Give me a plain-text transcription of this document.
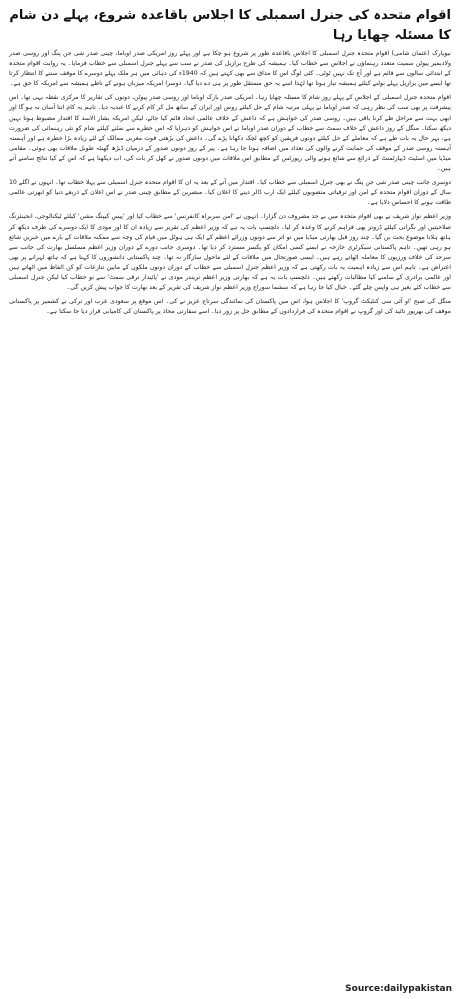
اقوام متحدہ کی جنرل اسمبلی کا اجلاس باقاعدہ شروع، پہلے دن شام کا مسئلہ چھایا رہا

نیویارک (عثمان شامی) اقوام متحدہ جنرل اسمبلی کا اجلاس باقاعدہ طور پر شروع ہو چکا ہے اور پہلے روز امریکی صدر اوباما، چینی صدر شی جن پنگ اور روسی صدر ولادیمیر پیوٹن سمیت متعدد رہنماؤں نے اجلاس سے خطاب کیا۔ ہمیشہ کی طرح برازیل کی صدر نے سب سے پہلے جنرل اسمبلی سے خطاب فرمایا۔ یہ روایت اقوام متحدہ کے ابتدائی سالوں سے قائم ہے اور آج تک نہیں ٹوٹی۔ کئی لوگ اس کا مذاق سے بھی کہتے ہیں کہ 1940ء کی دہائی میں ہر ملک پہلے دوسرے کا موقف سننے کا انتظار کرتا تھا ایسے میں برازیل پہلے بولنے کیلئے ہمیشہ تیار ہوتا تھا لہٰذا اسے یہ حق مستقل طور پر ہی دے دیا گیا۔ دوسرا امریکہ میزبان ہونے کے ناطے ہمیشہ سے امریکہ کا حق ہے۔

اقوام متحدہ جنرل اسمبلی کے اجلاس کے پہلے روز شام کا مسئلہ چھایا رہا۔ امریکی صدر بارک اوباما اور روسی صدر پیوٹن، دونوں کی تقاریر کا مرکزی نقطہ یہی تھا۔ اس پیشرفت پر بھی سب کی نظر رہی کہ صدر اوباما نے پہلی مرتبہ شام کے حل کیلئے روس اور ایران کے ساتھ مل کر کام کرنے کا عندیہ دیا۔ تاہم یہ کام اتنا آسان نہ ہو گا اور ابھی بہت سے مراحل طے کرنا باقی ہیں۔ روسی صدر کی خواہش ہے کہ داعش کے خلاف عالمی اتحاد قائم کیا جائے، لیکن امریکہ بشار الاسد کا اقتدار مضبوط ہوتا نہیں دیکھ سکتا۔ منگل کے روز داعش کے خلاف سمٹ سے خطاب کے دوران صدر اوباما نے اس خواہش کو دہرایا کہ اس خطرے سے نمٹنے کیلئے شام کو نئی رہنمائی کی ضرورت ہے، بہر حال یہ بات طے ہے کہ معاملے کے حل کیلئے دونوں فریقین کو کچھ لچک دکھانا پڑے گی۔ داعش کی بڑھتی قوت مغربی ممالک کے لئے زیادہ بڑا خطرہ ہے اور آہستہ آہستہ روسی صدر کے موقف کی حمایت کرنے والوں کی تعداد میں اضافہ ہوتا جا رہا ہے۔ پیر کے روز دونوں صدور کے درمیان ڈیڑھ گھنٹہ طویل ملاقات بھی ہوئی۔ مقامی میڈیا میں اسٹیٹ ڈیپارٹمنٹ کے ذرائع سے شائع ہونے والی رپورٹس کے مطابق اس ملاقات میں دونوں صدور نے کھل کر بات کی، اب دیکھنا ہے کہ اس کے کیا نتائج سامنے آتے ہیں۔

دوسری جانب چینی صدر شی جن پنگ نے بھی جنرل اسمبلی سے خطاب کیا۔ اقتدار میں آنے کے بعد یہ ان کا اقوام متحدہ جنرل اسمبلی سے پہلا خطاب تھا۔ انہوں نے اگلے 10 سال کے دوران اقوام متحدہ کے امن اور ترقیاتی منصوبوں کیلئے ایک ارب ڈالر دینے کا اعلان کیا۔ مبصرین کے مطابق چینی صدر نے اس اعلان کے ذریعے دنیا کو ابھرتی عالمی طاقت ہونے کا احساس دلایا ہے۔

وزیر اعظم نواز شریف نے بھی اقوام متحدہ میں بے حد مصروف دن گزارا۔ انہوں نے 'امن سربراہ کانفرنس' سے خطاب کیا اور 'پیس کیپنگ مشن' کیلئے ٹیکنالوجی، انجینئرنگ صلاحیتیں اور نگرانی کیلئے ڈرونز بھی فراہم کرنے کا وعدہ کر لیا۔ دلچسپ بات یہ ہے کہ وزیر اعظم کی تقریر سے زیادہ ان کا اور مودی کا ایک دوسرے کی طرف دیکھ کر ہاتھ ہلانا موضوع بحث بن گیا۔ چند روز قبل بھارتی میڈیا میں تو اتر سے دونوں وزرائے اعظم کے ایک ہی ہوٹل میں قیام کی وجہ سے ممکنہ ملاقات کے بارے میں خبریں شائع ہو رہی تھیں۔ تاہم پاکستانی سیکرٹری خارجہ نے ایسے کسی امکان کو یکسر مسترد کر دیا تھا۔ دوسری جانب دورے کے دوران وزیر اعظم مسلسل بھارت کی جانب سے سرحد کی خلاف ورزیوں کا معاملہ اٹھاتے رہے ہیں۔ ایسی صورتحال میں ملاقات کے لئے ماحول سازگار نہ تھا۔ چند پاکستانی دانشوروں کا کہنا ہے کہ ہاتھ لہرانے پر بھی اعتراض ہے۔ تاہم اس سے زیادہ اہمیت یہ بات رکھتی ہے کہ وزیر اعظم جنرل اسمبلی سے خطاب کے دوران دونوں ملکوں کے مابین تنازعات کو کن الفاظ میں اٹھاتے ہیں اور عالمی برادری کے سامنے کیا مطالبات رکھتے ہیں۔ دلچسپ بات یہ ہے کہ بھارتی وزیر اعظم نریندر مودی نے 'پائیدار ترقی سمٹ' سے تو خطاب کیا لیکن جنرل اسمبلی سے خطاب کئے بغیر ہی واپس چلے گئے۔ خیال کیا جا رہا ہے کہ سشما سوراج وزیر اعظم نواز شریف کی تقریر کے بعد بھارت کا جواب پیش کریں گی۔

منگل کی صبح 'او آئی سی کنٹیکٹ گروپ' کا اجلاس ہوا، اس میں پاکستان کی نمائندگی سرتاج عزیز نے کی۔ اس موقع پر سعودی عرب اور ترکی نے کشمیر پر پاکستانی موقف کی بھرپور تائید کی اور گروپ نے اقوام متحدہ کی قراردادوں کے مطابق حل پر زور دیا۔ اسے سفارتی محاذ پر پاکستان کی کامیابی قرار دیا جا سکتا ہے۔

Source:dailypakistan
